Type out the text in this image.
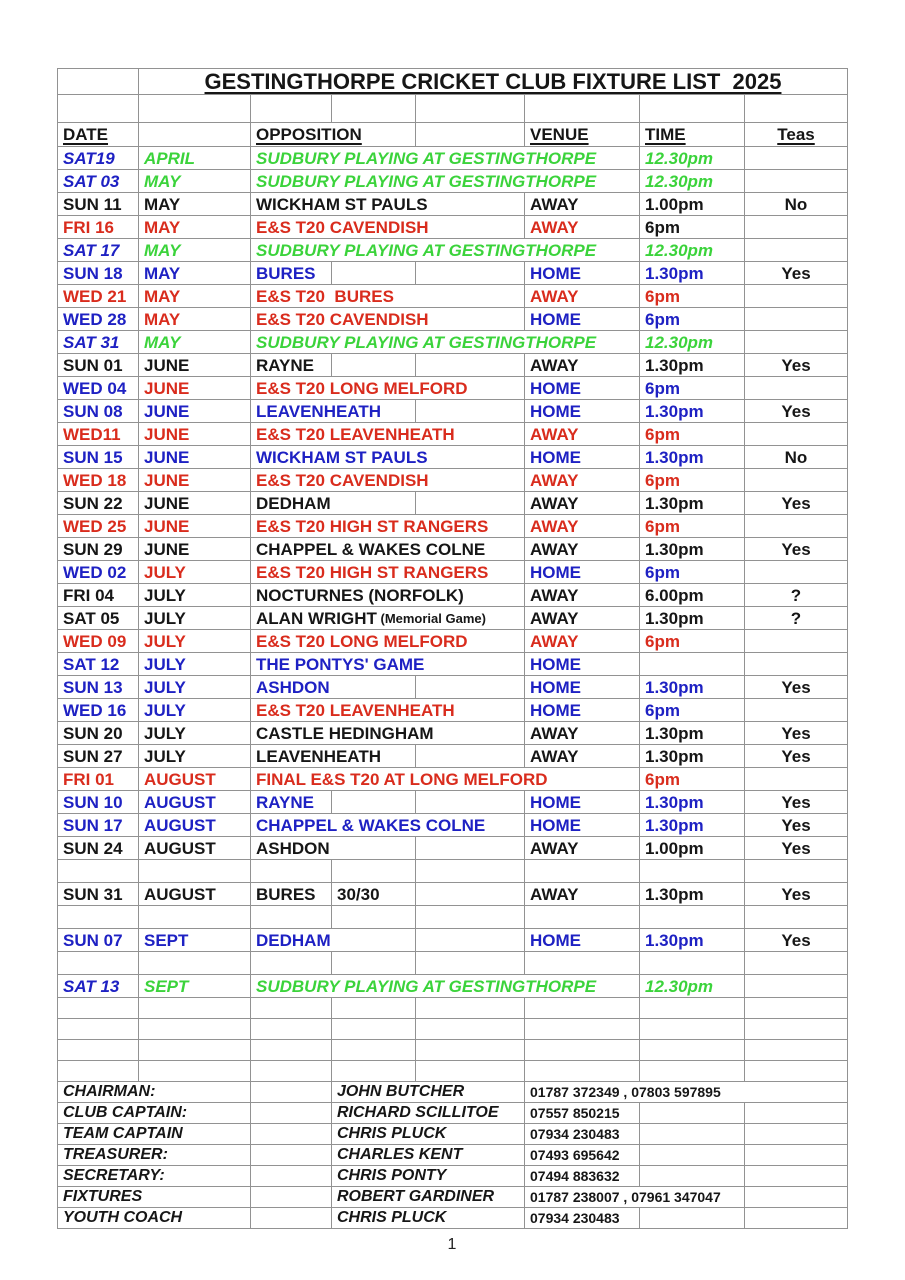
GESTINGTHORPE CRICKET CLUB FIXTURE LIST  2025
DATE	OPPOSITION	VENUE	TIME	Teas
SAT19	APRIL	SUDBURY PLAYING AT GESTINGTHORPE	12.30pm
SAT 03	MAY	SUDBURY PLAYING AT GESTINGTHORPE	12.30pm
SUN 11	MAY	WICKHAM ST PAULS	AWAY	1.00pm	No
FRI 16	MAY	E&S T20 CAVENDISH	AWAY	6pm
SAT 17	MAY	SUDBURY PLAYING AT GESTINGTHORPE	12.30pm
SUN 18	MAY	BURES	HOME	1.30pm	Yes
WED 21	MAY	E&S T20  BURES	AWAY	6pm
WED 28	MAY	E&S T20 CAVENDISH	HOME	6pm
SAT 31	MAY	SUDBURY PLAYING AT GESTINGTHORPE	12.30pm
SUN 01	JUNE	RAYNE	AWAY	1.30pm	Yes
WED 04	JUNE	E&S T20 LONG MELFORD	HOME	6pm
SUN 08	JUNE	LEAVENHEATH	HOME	1.30pm	Yes
WED11	JUNE	E&S T20 LEAVENHEATH	AWAY	6pm
SUN 15	JUNE	WICKHAM ST PAULS	HOME	1.30pm	No
WED 18	JUNE	E&S T20 CAVENDISH	AWAY	6pm
SUN 22	JUNE	DEDHAM	AWAY	1.30pm	Yes
WED 25	JUNE	E&S T20 HIGH ST RANGERS	AWAY	6pm
SUN 29	JUNE	CHAPPEL & WAKES COLNE	AWAY	1.30pm	Yes
WED 02	JULY	E&S T20 HIGH ST RANGERS	HOME	6pm
FRI 04	JULY	NOCTURNES (NORFOLK)	AWAY	6.00pm	?
SAT 05	JULY	ALAN WRIGHT (Memorial Game)	AWAY	1.30pm	?
WED 09	JULY	E&S T20 LONG MELFORD	AWAY	6pm
SAT 12	JULY	THE PONTYS' GAME	HOME
SUN 13	JULY	ASHDON	HOME	1.30pm	Yes
WED 16	JULY	E&S T20 LEAVENHEATH	HOME	6pm
SUN 20	JULY	CASTLE HEDINGHAM	AWAY	1.30pm	Yes
SUN 27	JULY	LEAVENHEATH	AWAY	1.30pm	Yes
FRI 01	AUGUST	FINAL E&S T20 AT LONG MELFORD	6pm
SUN 10	AUGUST	RAYNE	HOME	1.30pm	Yes
SUN 17	AUGUST	CHAPPEL & WAKES COLNE	HOME	1.30pm	Yes
SUN 24	AUGUST	ASHDON	AWAY	1.00pm	Yes
SUN 31	AUGUST	BURES	30/30	AWAY	1.30pm	Yes
SUN 07	SEPT	DEDHAM	HOME	1.30pm	Yes
SAT 13	SEPT	SUDBURY PLAYING AT GESTINGTHORPE	12.30pm
CHAIRMAN:	JOHN BUTCHER	01787 372349 , 07803 597895
CLUB CAPTAIN:	RICHARD SCILLITOE	07557 850215
TEAM CAPTAIN	CHRIS PLUCK	07934 230483
TREASURER:	CHARLES KENT	07493 695642
SECRETARY:	CHRIS PONTY	07494 883632
FIXTURES	ROBERT GARDINER	01787 238007 , 07961 347047
YOUTH COACH	CHRIS PLUCK	07934 230483
1
